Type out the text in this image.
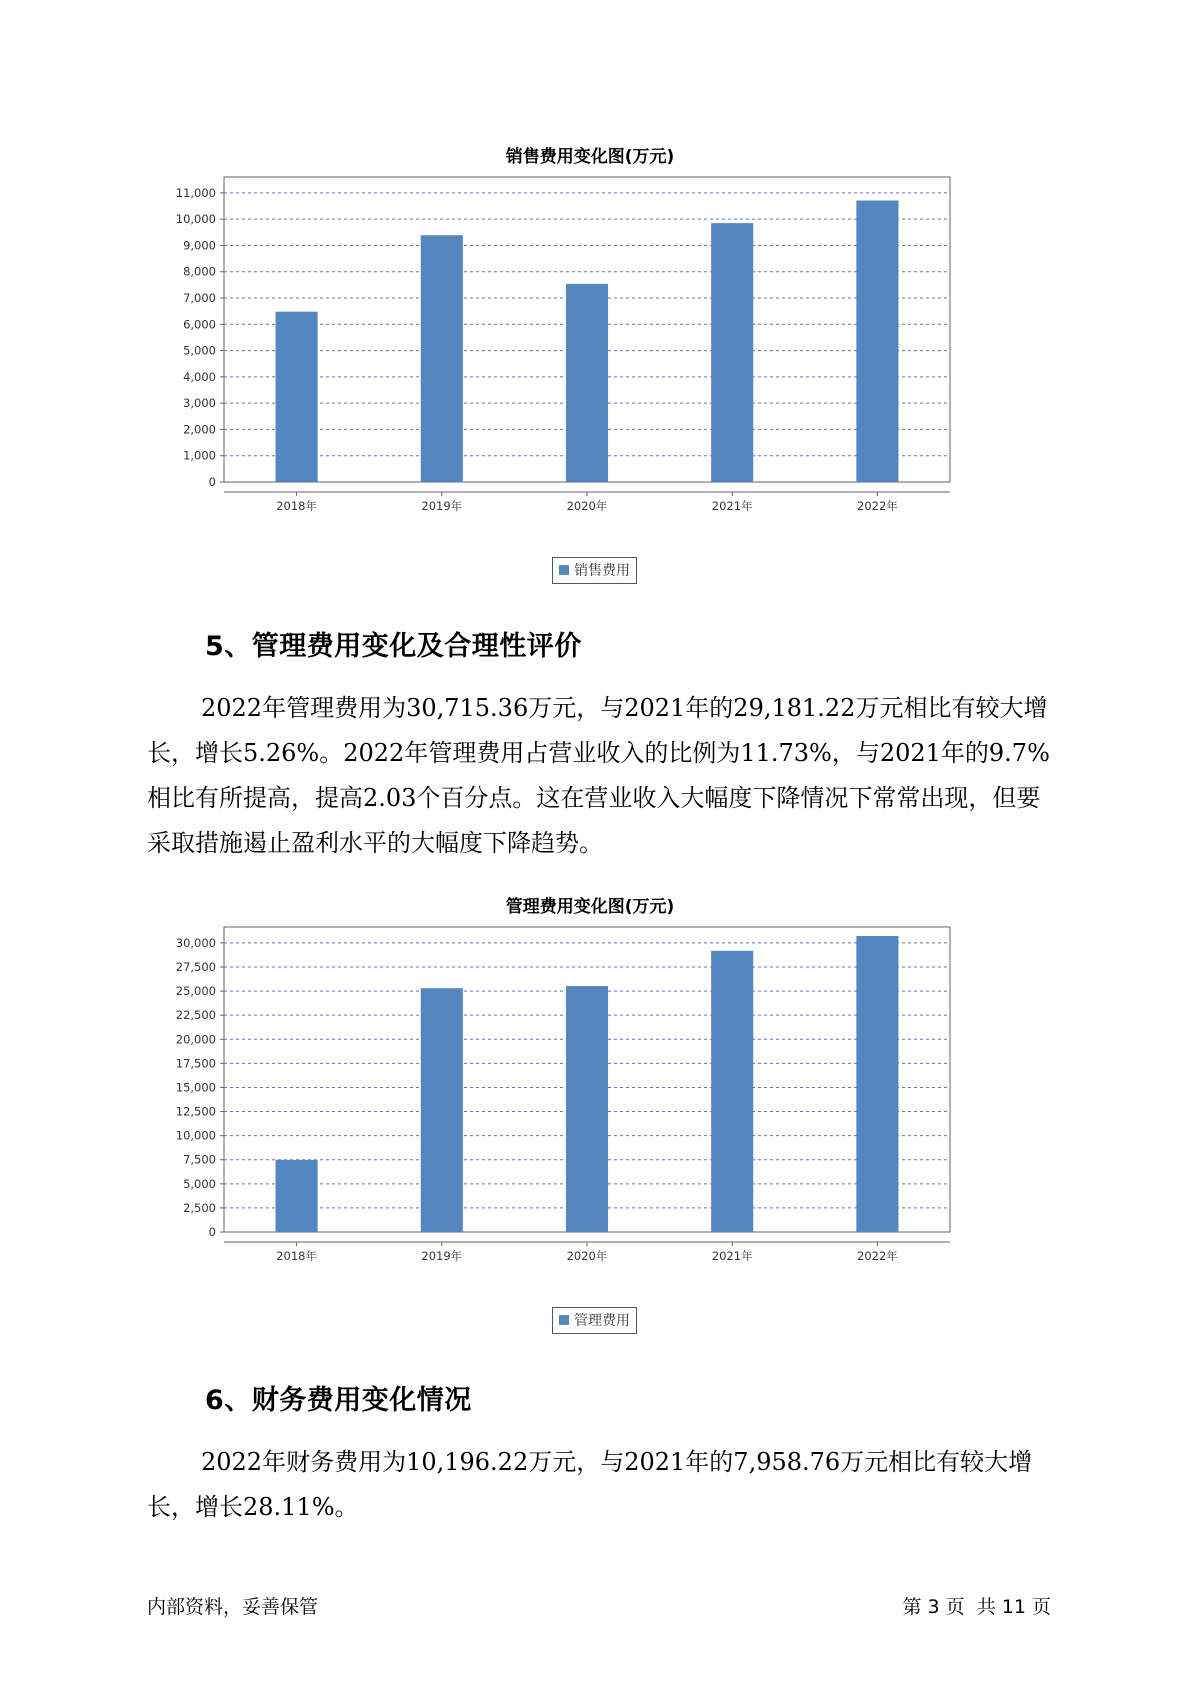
销售费用变化图(万元)
0
1,000
2,000
3,000
4,000
5,000
6,000
7,000
8,000
9,000
10,000
11,000
2018年	2019年	2020年	2021年	2022年
销售费用
5、管理费用变化及合理性评价

2022年管理费用为30,715.36万元，与2021年的29,181.22万元相比有较大增长，增长5.26%。2022年管理费用占营业收入的比例为11.73%，与2021年的9.7%相比有所提高，提高2.03个百分点。这在营业收入大幅度下降情况下常常出现，但要采取措施遏止盈利水平的大幅度下降趋势。

管理费用变化图(万元)
0
2,500
5,000
7,500
10,000
12,500
15,000
17,500
20,000
22,500
25,000
27,500
30,000
2018年	2019年	2020年	2021年	2022年
管理费用
6、财务费用变化情况

2022年财务费用为10,196.22万元，与2021年的7,958.76万元相比有较大增长，增长28.11%。

内部资料，妥善保管	第 3 页  共 11 页
